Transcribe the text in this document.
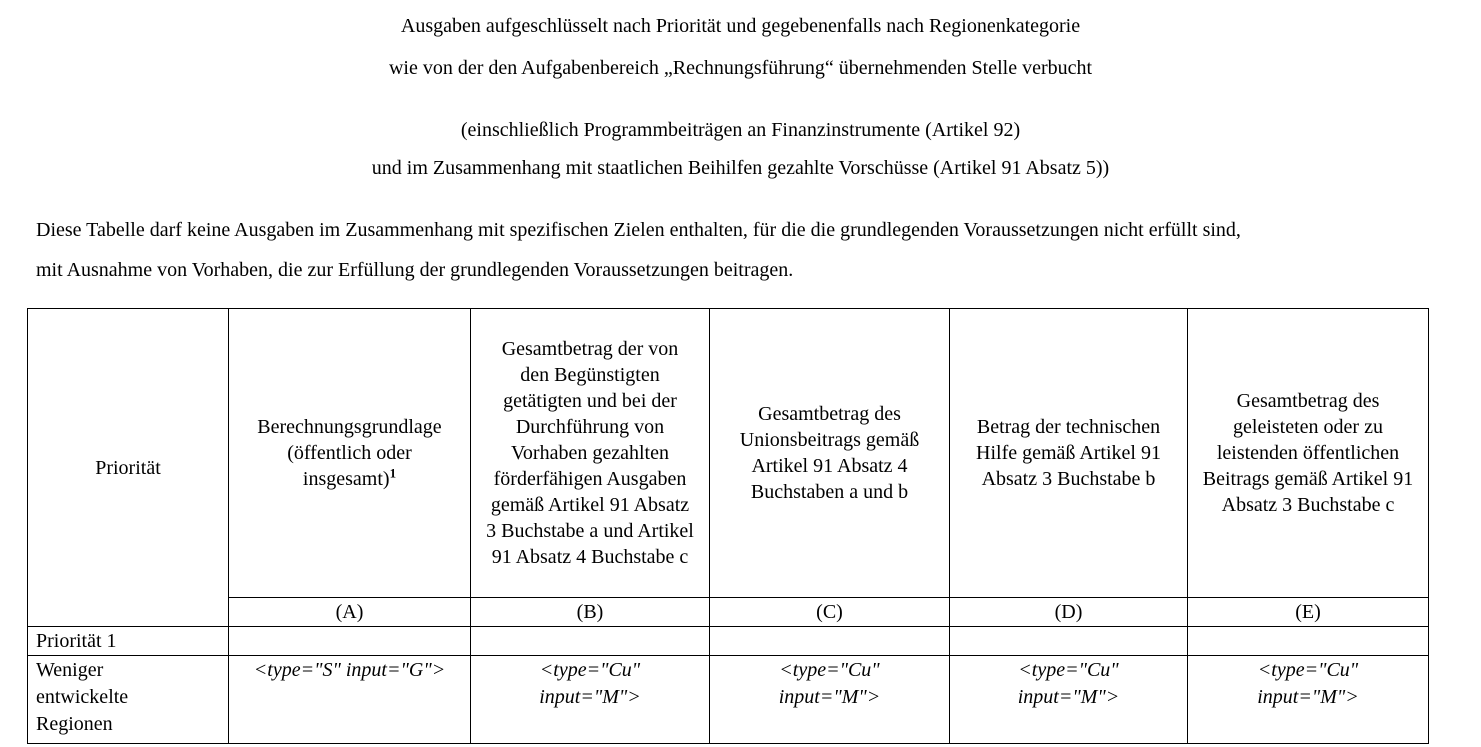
Ausgaben aufgeschlüsselt nach Priorität und gegebenenfalls nach Regionenkategorie
wie von der den Aufgabenbereich „Rechnungsführung“ übernehmenden Stelle verbucht
(einschließlich Programmbeiträgen an Finanzinstrumente (Artikel 92)
und im Zusammenhang mit staatlichen Beihilfen gezahlte Vorschüsse (Artikel 91 Absatz 5))
Diese Tabelle darf keine Ausgaben im Zusammenhang mit spezifischen Zielen enthalten, für die die grundlegenden Voraussetzungen nicht erfüllt sind,
mit Ausnahme von Vorhaben, die zur Erfüllung der grundlegenden Voraussetzungen beitragen.
Priorität	Berechnungsgrundlage (öffentlich oder insgesamt)$^1$	Gesamtbetrag der von den Begünstigten getätigten und bei der Durchführung von Vorhaben gezahlten förderfähigen Ausgaben gemäß Artikel 91 Absatz 3 Buchstabe a und Artikel 91 Absatz 4 Buchstabe c	Gesamtbetrag des Unionsbeitrags gemäß Artikel 91 Absatz 4 Buchstaben a und b	Betrag der technischen Hilfe gemäß Artikel 91 Absatz 3 Buchstabe b	Gesamtbetrag des geleisteten oder zu leistenden öffentlichen Beitrags gemäß Artikel 91 Absatz 3 Buchstabe c

	(A)	(B)	(C)	(D)	(E)
Priorität 1					

Weniger entwickelte Regionen	<type="S" input="G">	<type="Cu" input="M">	<type="Cu" input="M">	<type="Cu" input="M">	<type="Cu" input="M">
